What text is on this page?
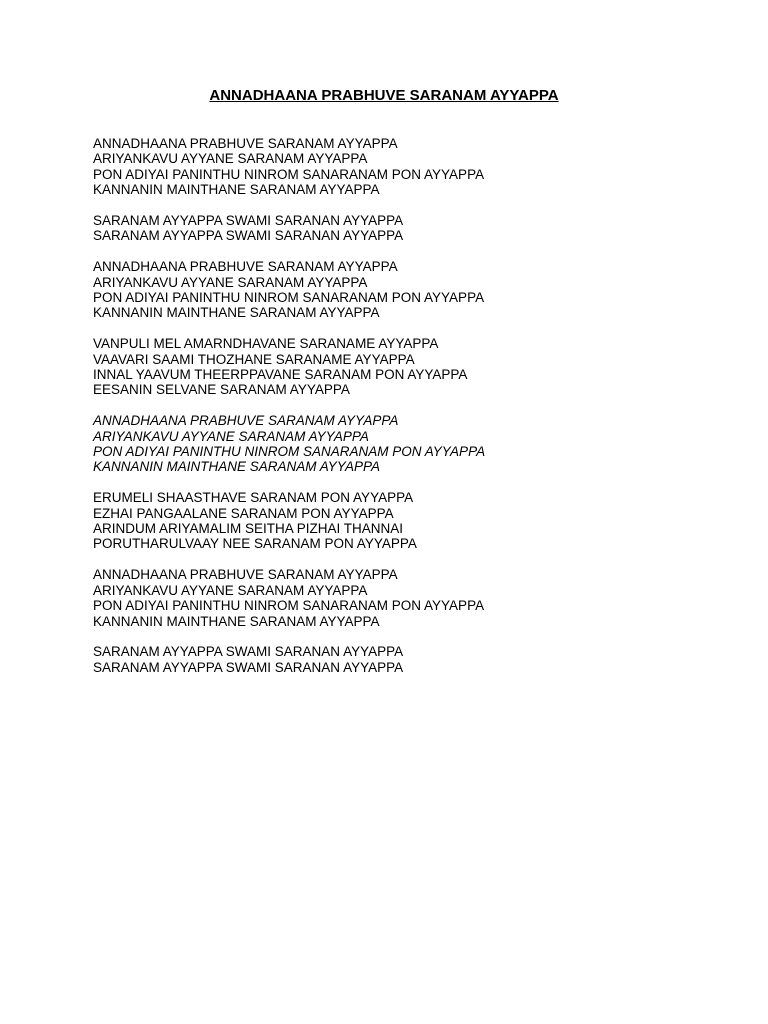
ANNADHAANA PRABHUVE SARANAM AYYAPPA
ANNADHAANA PRABHUVE SARANAM AYYAPPA
ARIYANKAVU AYYANE SARANAM AYYAPPA
PON ADIYAI PANINTHU NINROM SANARANAM PON AYYAPPA
KANNANIN MAINTHANE SARANAM AYYAPPA
SARANAM AYYAPPA SWAMI SARANAN AYYAPPA
SARANAM AYYAPPA SWAMI SARANAN AYYAPPA
ANNADHAANA PRABHUVE SARANAM AYYAPPA
ARIYANKAVU AYYANE SARANAM AYYAPPA
PON ADIYAI PANINTHU NINROM SANARANAM PON AYYAPPA
KANNANIN MAINTHANE SARANAM AYYAPPA
VANPULI MEL AMARNDHAVANE SARANAME AYYAPPA
VAAVARI SAAMI THOZHANE SARANAME AYYAPPA
INNAL YAAVUM THEERPPAVANE SARANAM PON AYYAPPA
EESANIN SELVANE SARANAM AYYAPPA
ANNADHAANA PRABHUVE SARANAM AYYAPPA
ARIYANKAVU AYYANE SARANAM AYYAPPA
PON ADIYAI PANINTHU NINROM SANARANAM PON AYYAPPA
KANNANIN MAINTHANE SARANAM AYYAPPA
ERUMELI SHAASTHAVE SARANAM PON AYYAPPA
EZHAI PANGAALANE SARANAM PON AYYAPPA
ARINDUM ARIYAMALIM SEITHA PIZHAI THANNAI
PORUTHARULVAAY NEE SARANAM PON AYYAPPA
ANNADHAANA PRABHUVE SARANAM AYYAPPA
ARIYANKAVU AYYANE SARANAM AYYAPPA
PON ADIYAI PANINTHU NINROM SANARANAM PON AYYAPPA
KANNANIN MAINTHANE SARANAM AYYAPPA
SARANAM AYYAPPA SWAMI SARANAN AYYAPPA
SARANAM AYYAPPA SWAMI SARANAN AYYAPPA
